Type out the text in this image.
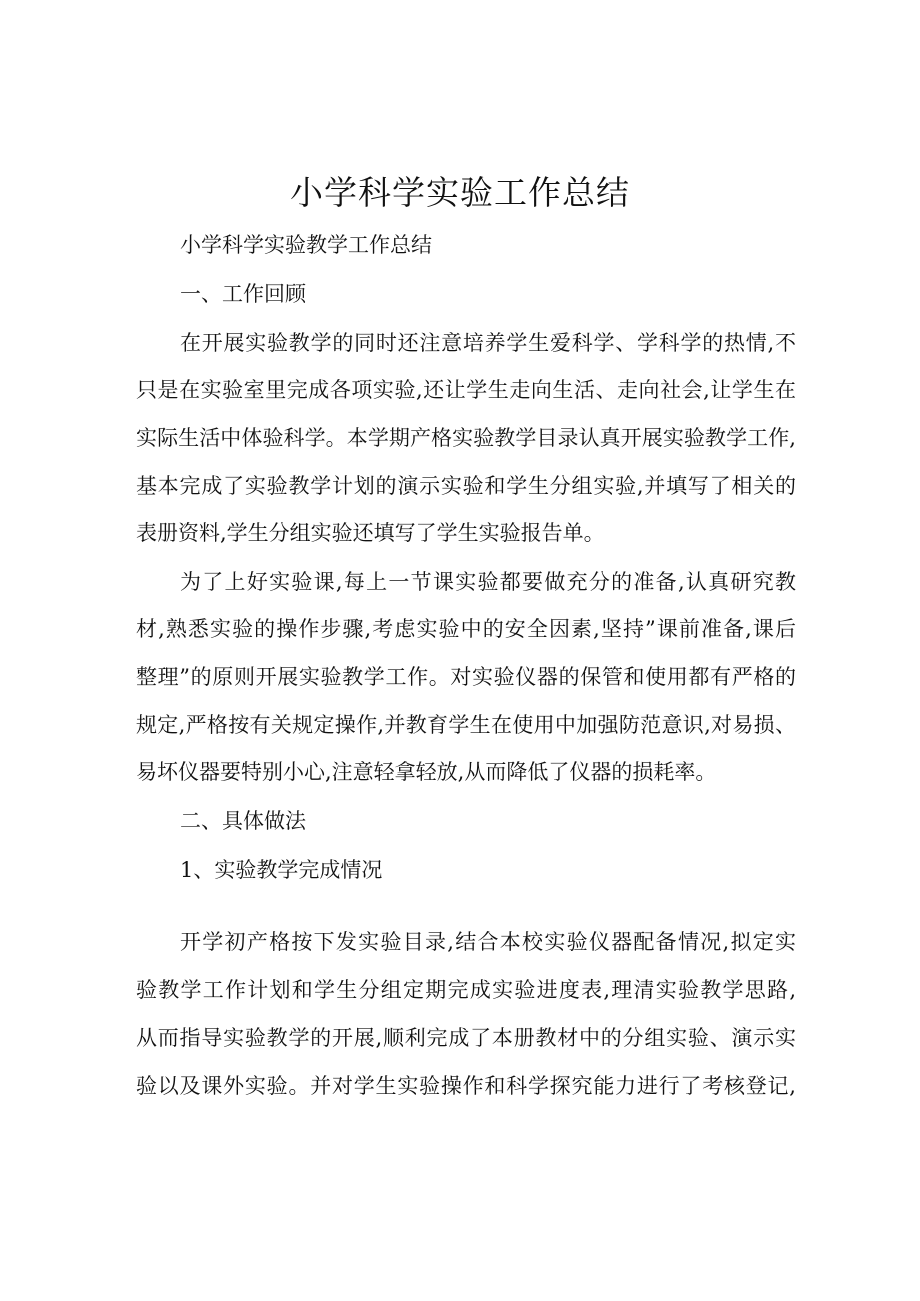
小学科学实验工作总结

小学科学实验教学工作总结

一、工作回顾

在开展实验教学的同时还注意培养学生爱科学、学科学的热情,不

只是在实验室里完成各项实验,还让学生走向生活、走向社会,让学生在

实际生活中体验科学。本学期产格实验教学目录认真开展实验教学工作,

基本完成了实验教学计划的演示实验和学生分组实验,并填写了相关的

表册资料,学生分组实验还填写了学生实验报告单。

为了上好实验课,每上一节课实验都要做充分的准备,认真研究教

材,熟悉实验的操作步骤,考虑实验中的安全因素,坚持”课前准备,课后

整理”的原则开展实验教学工作。对实验仪器的保管和使用都有严格的

规定,严格按有关规定操作,并教育学生在使用中加强防范意识,对易损、

易坏仪器要特别小心,注意轻拿轻放,从而降低了仪器的损耗率。

二、具体做法

1、实验教学完成情况

开学初产格按下发实验目录,结合本校实验仪器配备情况,拟定实

验教学工作计划和学生分组定期完成实验进度表,理清实验教学思路,

从而指导实验教学的开展,顺利完成了本册教材中的分组实验、演示实

验以及课外实验。并对学生实验操作和科学探究能力进行了考核登记,
